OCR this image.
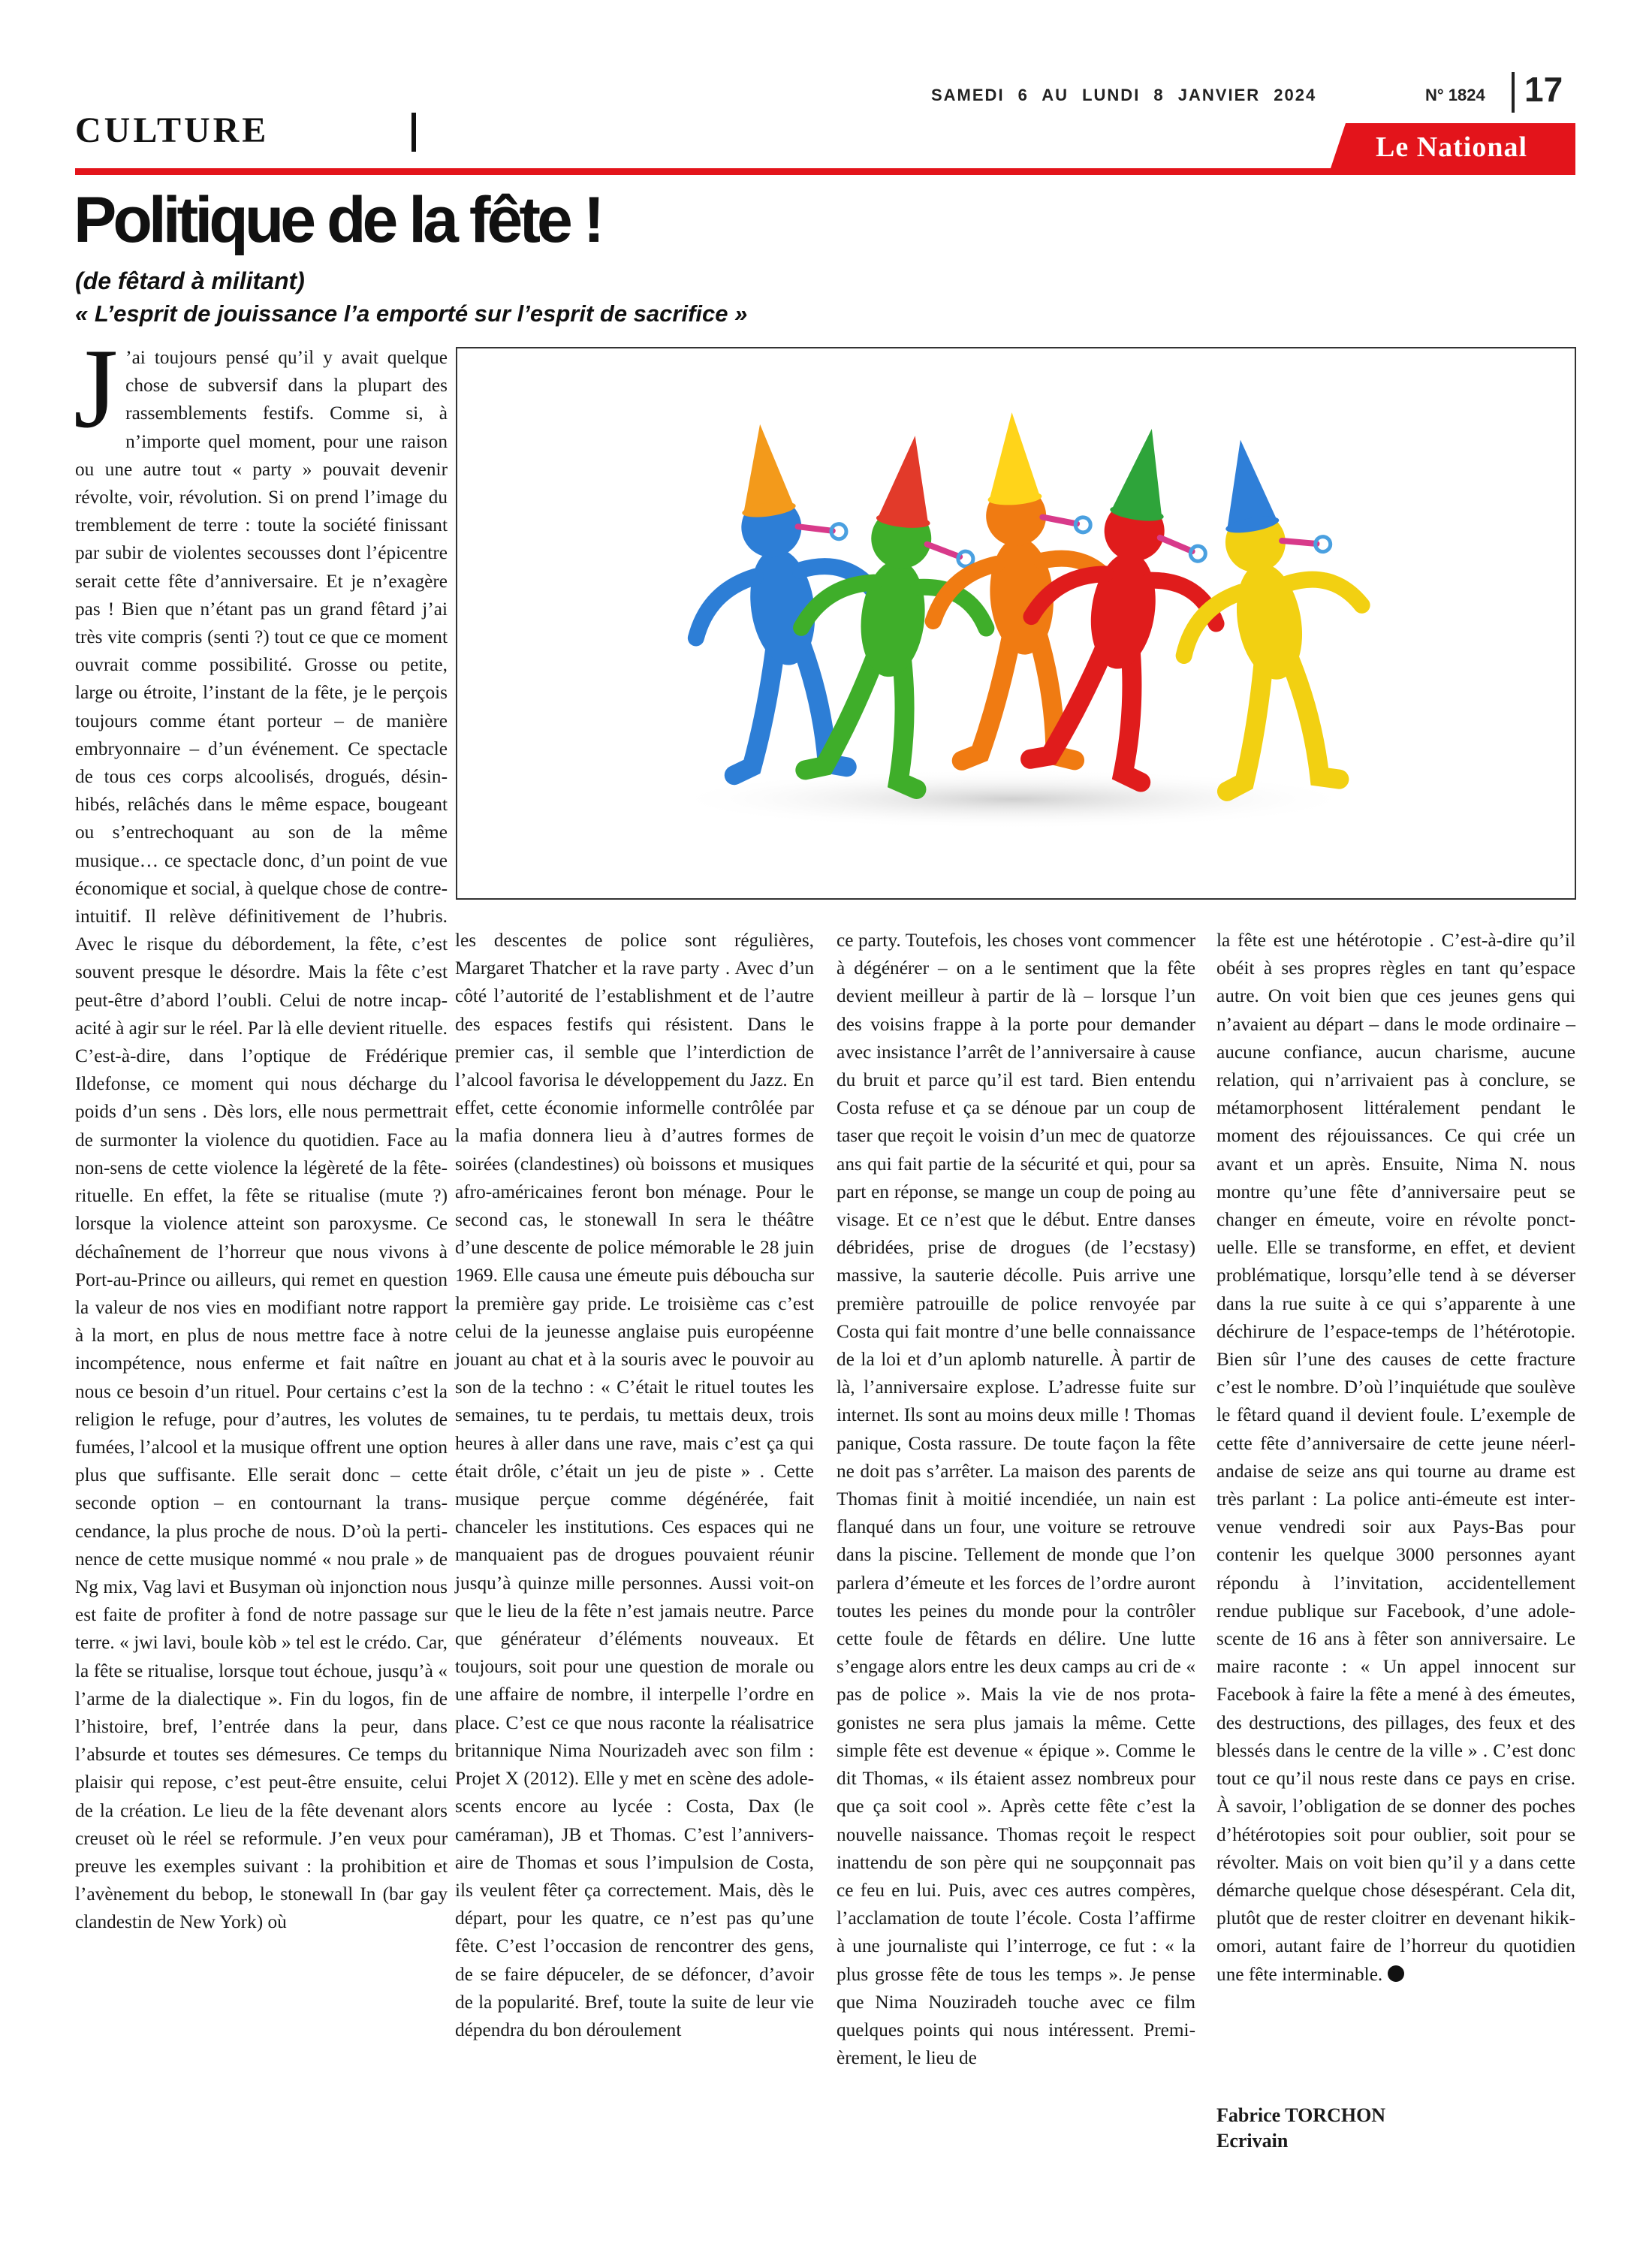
SAMEDI 6 AU LUNDI 8 JANVIER 2024	N° 1824 17
CULTURE	Le National
Politique de la fête !
(de fêtard à militant)
« L’esprit de jouissance l’a emporté sur l’esprit de sacrifice »

J ’ai toujours pensé qu’il y avait quelque chose de subversif dans la plupart des rassemblements festifs. Comme si, à n’importe quel moment, pour une raison ou une autre tout « party » pouvait devenir révolte, voir, révolution. Si on prend l’image du tremblement de terre : toute la société finissant par subir de violentes secousses dont l’épicentre serait cette fête d’anniversaire. Et je n’exagère pas ! Bien que n’étant pas un grand fêtard j’ai très vite compris (senti ?) tout ce que ce moment ouvrait comme possibilité. Grosse ou petite, large ou étroite, l’instant de la fête, je le perçois toujours comme étant porteur – de manière embryonnaire – d’un événement. Ce spectacle de tous ces corps alcoolisés, drogués, désinhibés, relâchés dans le même espace, bougeant ou s’entrechoquant au son de la même musique… ce spectacle donc, d’un point de vue économique et social, à quelque chose de contre-intuitif. Il relève définitivement de l’hubris. Avec le risque du débordement, la fête, c’est souvent presque le désordre. Mais la fête c’est peut-être d’abord l’oubli. Celui de notre incapacité à agir sur le réel. Par là elle devient rituelle. C’est-à-dire, dans l’optique de Frédérique Ildefonse, ce moment qui nous décharge du poids d’un sens . Dès lors, elle nous permettrait de surmonter la violence du quotidien. Face au non-sens de cette violence la légèreté de la fête-rituelle. En effet, la fête se ritualise (mute ?) lorsque la violence atteint son paroxysme. Ce déchaînement de l’horreur que nous vivons à Port-au-Prince ou ailleurs, qui remet en question la valeur de nos vies en modifiant notre rapport à la mort, en plus de nous mettre face à notre incompétence, nous enferme et fait naître en nous ce besoin d’un rituel. Pour certains c’est la religion le refuge, pour d’autres, les volutes de fumées, l’alcool et la musique offrent une option plus que suffisante. Elle serait donc – cette seconde option – en contournant la transcendance, la plus proche de nous. D’où la pertinence de cette musique nommé « nou prale » de Ng mix, Vag lavi et Busyman où injonction nous est faite de profiter à fond de notre passage sur terre. « jwi lavi, boule kòb » tel est le crédo. Car, la fête se ritualise, lorsque tout échoue, jusqu’à « l’arme de la dialectique ». Fin du logos, fin de l’histoire, bref, l’entrée dans la peur, dans l’absurde et toutes ses démesures. Ce temps du plaisir qui repose, c’est peut-être ensuite, celui de la création. Le lieu de la fête devenant alors creuset où le réel se reformule. J’en veux pour preuve les exemples suivant : la prohibition et l’avènement du bebop, le stonewall In (bar gay clandestin de New York) où

les descentes de police sont régulières, Margaret Thatcher et la rave party . Avec d’un côté l’autorité de l’establishment et de l’autre des espaces festifs qui résistent. Dans le premier cas, il semble que l’interdiction de l’alcool favorisa le développement du Jazz. En effet, cette économie informelle contrôlée par la mafia donnera lieu à d’autres formes de soirées (clandestines) où boissons et musiques afro-américaines feront bon ménage. Pour le second cas, le stonewall In sera le théâtre d’une descente de police mémorable le 28 juin 1969. Elle causa une émeute puis déboucha sur la première gay pride. Le troisième cas c’est celui de la jeunesse anglaise puis européenne jouant au chat et à la souris avec le pouvoir au son de la techno : « C’était le rituel toutes les semaines, tu te perdais, tu mettais deux, trois heures à aller dans une rave, mais c’est ça qui était drôle, c’était un jeu de piste » . Cette musique perçue comme dégénérée, fait chanceler les institutions. Ces espaces qui ne manquaient pas de drogues pouvaient réunir jusqu’à quinze mille personnes. Aussi voit-on que le lieu de la fête n’est jamais neutre. Parce que générateur d’éléments nouveaux. Et toujours, soit pour une question de morale ou une affaire de nombre, il interpelle l’ordre en place. C’est ce que nous raconte la réalisatrice britannique Nima Nourizadeh avec son film : Projet X (2012). Elle y met en scène des adolescents encore au lycée : Costa, Dax (le caméraman), JB et Thomas. C’est l’anniversaire de Thomas et sous l’impulsion de Costa, ils veulent fêter ça correctement. Mais, dès le départ, pour les quatre, ce n’est pas qu’une fête. C’est l’occasion de rencontrer des gens, de se faire dépuceler, de se défoncer, d’avoir de la popularité. Bref, toute la suite de leur vie dépendra du bon déroulement

ce party. Toutefois, les choses vont commencer à dégénérer – on a le sentiment que la fête devient meilleur à partir de là – lorsque l’un des voisins frappe à la porte pour demander avec insistance l’arrêt de l’anniversaire à cause du bruit et parce qu’il est tard. Bien entendu Costa refuse et ça se dénoue par un coup de taser que reçoit le voisin d’un mec de quatorze ans qui fait partie de la sécurité et qui, pour sa part en réponse, se mange un coup de poing au visage. Et ce n’est que le début. Entre danses débridées, prise de drogues (de l’ecstasy) massive, la sauterie décolle. Puis arrive une première patrouille de police renvoyée par Costa qui fait montre d’une belle connaissance de la loi et d’un aplomb naturelle. À partir de là, l’anniversaire explose. L’adresse fuite sur internet. Ils sont au moins deux mille ! Thomas panique, Costa rassure. De toute façon la fête ne doit pas s’arrêter. La maison des parents de Thomas finit à moitié incendiée, un nain est flanqué dans un four, une voiture se retrouve dans la piscine. Tellement de monde que l’on parlera d’émeute et les forces de l’ordre auront toutes les peines du monde pour la contrôler cette foule de fêtards en délire. Une lutte s’engage alors entre les deux camps au cri de « pas de police ». Mais la vie de nos protagonistes ne sera plus jamais la même. Cette simple fête est devenue « épique ». Comme le dit Thomas, « ils étaient assez nombreux pour que ça soit cool ». Après cette fête c’est la nouvelle naissance. Thomas reçoit le respect inattendu de son père qui ne soupçonnait pas ce feu en lui. Puis, avec ces autres compères, l’acclamation de toute l’école. Costa l’affirme à une journaliste qui l’interroge, ce fut : « la plus grosse fête de tous les temps ». Je pense que Nima Nouziradeh touche avec ce film quelques points qui nous intéressent. Premièrement, le lieu de

la fête est une hétérotopie . C’est-à-dire qu’il obéit à ses propres règles en tant qu’espace autre. On voit bien que ces jeunes gens qui n’avaient au départ – dans le mode ordinaire – aucune confiance, aucun charisme, aucune relation, qui n’arrivaient pas à conclure, se métamorphosent littéralement pendant le moment des réjouissances. Ce qui crée un avant et un après. Ensuite, Nima N. nous montre qu’une fête d’anniversaire peut se changer en émeute, voire en révolte ponctuelle. Elle se transforme, en effet, et devient problématique, lorsqu’elle tend à se déverser dans la rue suite à ce qui s’apparente à une déchirure de l’espace-temps de l’hétérotopie. Bien sûr l’une des causes de cette fracture c’est le nombre. D’où l’inquiétude que soulève le fêtard quand il devient foule. L’exemple de cette fête d’anniversaire de cette jeune néerlandaise de seize ans qui tourne au drame est très parlant : La police anti-émeute est intervenue vendredi soir aux Pays-Bas pour contenir les quelque 3000 personnes ayant répondu à l’invitation, accidentellement rendue publique sur Facebook, d’une adolescente de 16 ans à fêter son anniversaire. Le maire raconte : « Un appel innocent sur Facebook à faire la fête a mené à des émeutes, des destructions, des pillages, des feux et des blessés dans le centre de la ville » . C’est donc tout ce qu’il nous reste dans ce pays en crise. À savoir, l’obligation de se donner des poches d’hétérotopies soit pour oublier, soit pour se révolter. Mais on voit bien qu’il y a dans cette démarche quelque chose désespérant. Cela dit, plutôt que de rester cloitrer en devenant hikikomori, autant faire de l’horreur du quotidien une fête interminable.

Fabrice TORCHON
Ecrivain
